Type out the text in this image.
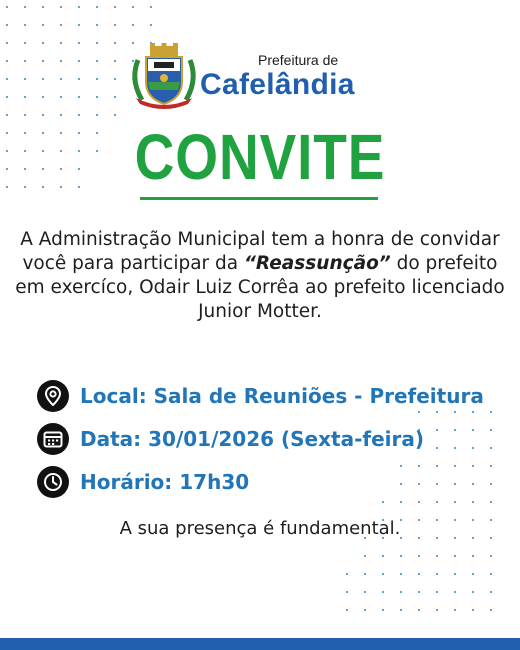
Prefeitura de
Cafelândia
CONVITE
A Administração Municipal tem a honra de convidar você para participar da “Reassunção” do prefeito em exercíco, Odair Luiz Corrêa ao prefeito licenciado Junior Motter.
Local: Sala de Reuniões - Prefeitura
Data: 30/01/2026 (Sexta-feira)
Horário: 17h30
A sua presença é fundamental.
